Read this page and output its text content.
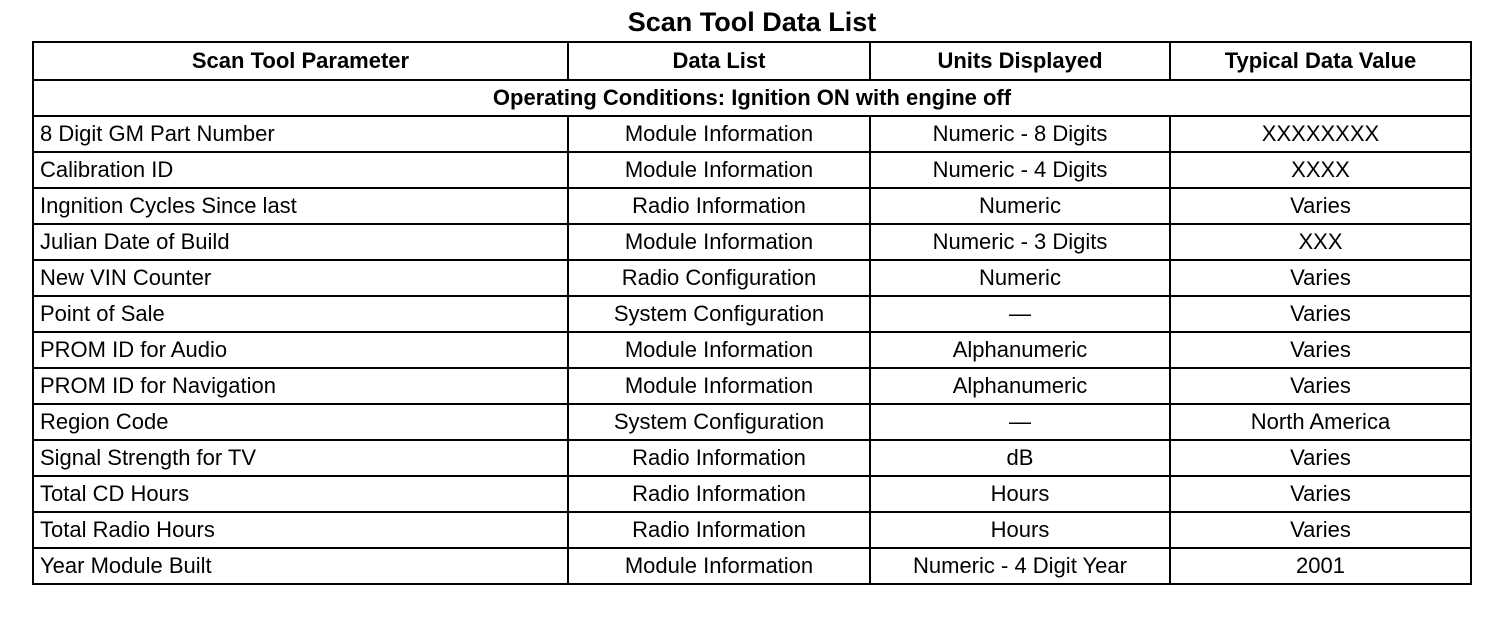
Scan Tool Data List
Scan Tool Parameter	Data List	Units Displayed	Typical Data Value
Operating Conditions: Ignition ON with engine off			
8 Digit GM Part Number	Module Information	Numeric - 8 Digits	XXXXXXXX
Calibration ID	Module Information	Numeric - 4 Digits	XXXX
Ingnition Cycles Since last	Radio Information	Numeric	Varies
Julian Date of Build	Module Information	Numeric - 3 Digits	XXX
New VIN Counter	Radio Configuration	Numeric	Varies
Point of Sale	System Configuration	—	Varies
PROM ID for Audio	Module Information	Alphanumeric	Varies
PROM ID for Navigation	Module Information	Alphanumeric	Varies
Region Code	System Configuration	—	North America
Signal Strength for TV	Radio Information	dB	Varies
Total CD Hours	Radio Information	Hours	Varies
Total Radio Hours	Radio Information	Hours	Varies
Year Module Built	Module Information	Numeric - 4 Digit Year	2001
